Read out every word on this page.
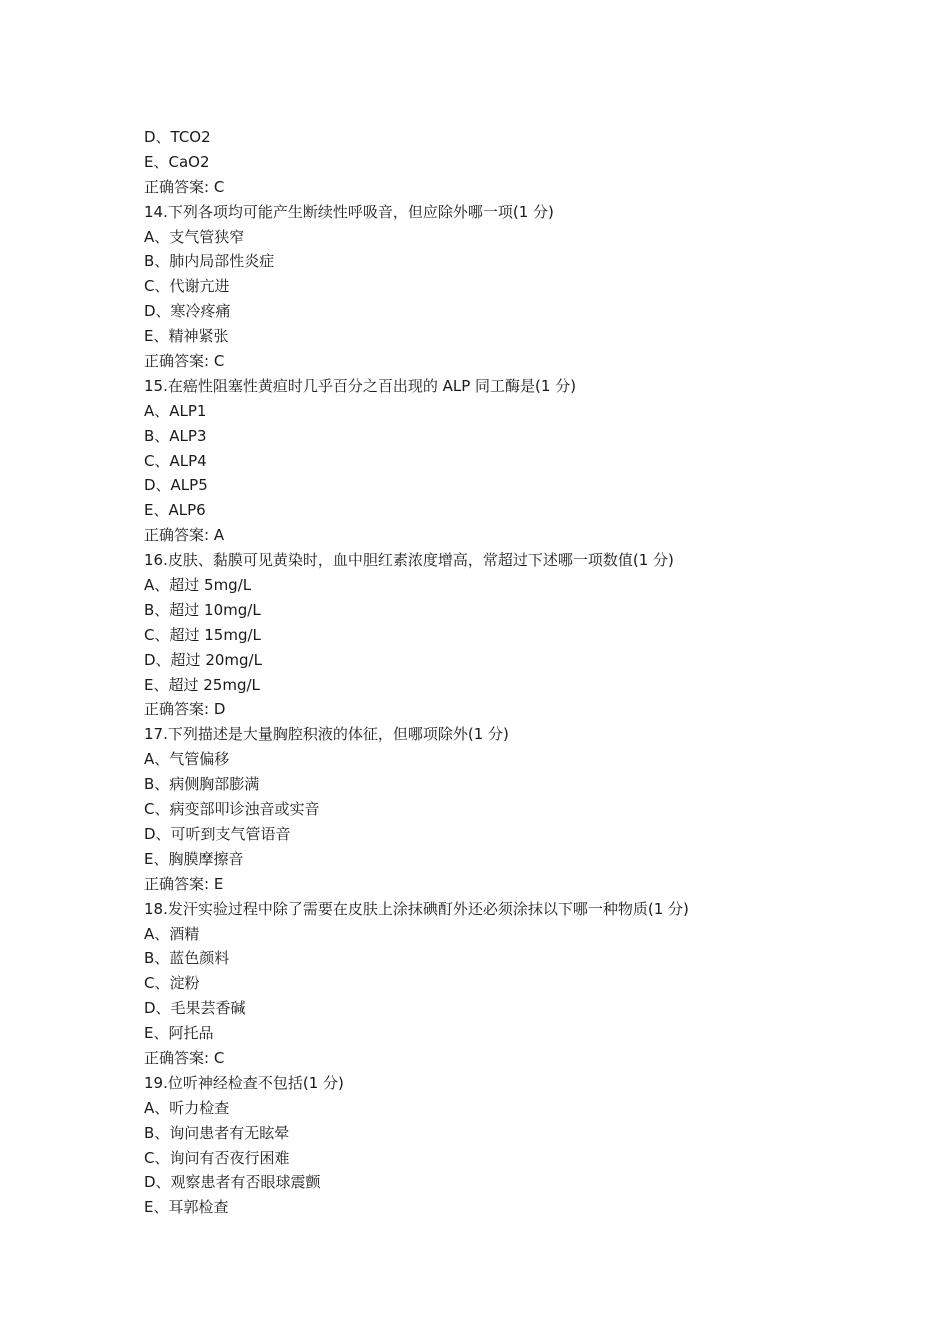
D、TCO2
E、CaO2
正确答案: C
14.下列各项均可能产生断续性呼吸音，但应除外哪一项(1 分)
A、支气管狭窄
B、肺内局部性炎症
C、代谢亢进
D、寒冷疼痛
E、精神紧张
正确答案: C
15.在癌性阻塞性黄疸时几乎百分之百出现的 ALP 同工酶是(1 分)
A、ALP1
B、ALP3
C、ALP4
D、ALP5
E、ALP6
正确答案: A
16.皮肤、黏膜可见黄染时，血中胆红素浓度增高，常超过下述哪一项数值(1 分)
A、超过 5mg/L
B、超过 10mg/L
C、超过 15mg/L
D、超过 20mg/L
E、超过 25mg/L
正确答案: D
17.下列描述是大量胸腔积液的体征，但哪项除外(1 分)
A、气管偏移
B、病侧胸部膨满
C、病变部叩诊浊音或实音
D、可听到支气管语音
E、胸膜摩擦音
正确答案: E
18.发汗实验过程中除了需要在皮肤上涂抹碘酊外还必须涂抹以下哪一种物质(1 分)
A、酒精
B、蓝色颜料
C、淀粉
D、毛果芸香碱
E、阿托品
正确答案: C
19.位听神经检查不包括(1 分)
A、听力检查
B、询问患者有无眩晕
C、询问有否夜行困难
D、观察患者有否眼球震颤
E、耳郭检查
